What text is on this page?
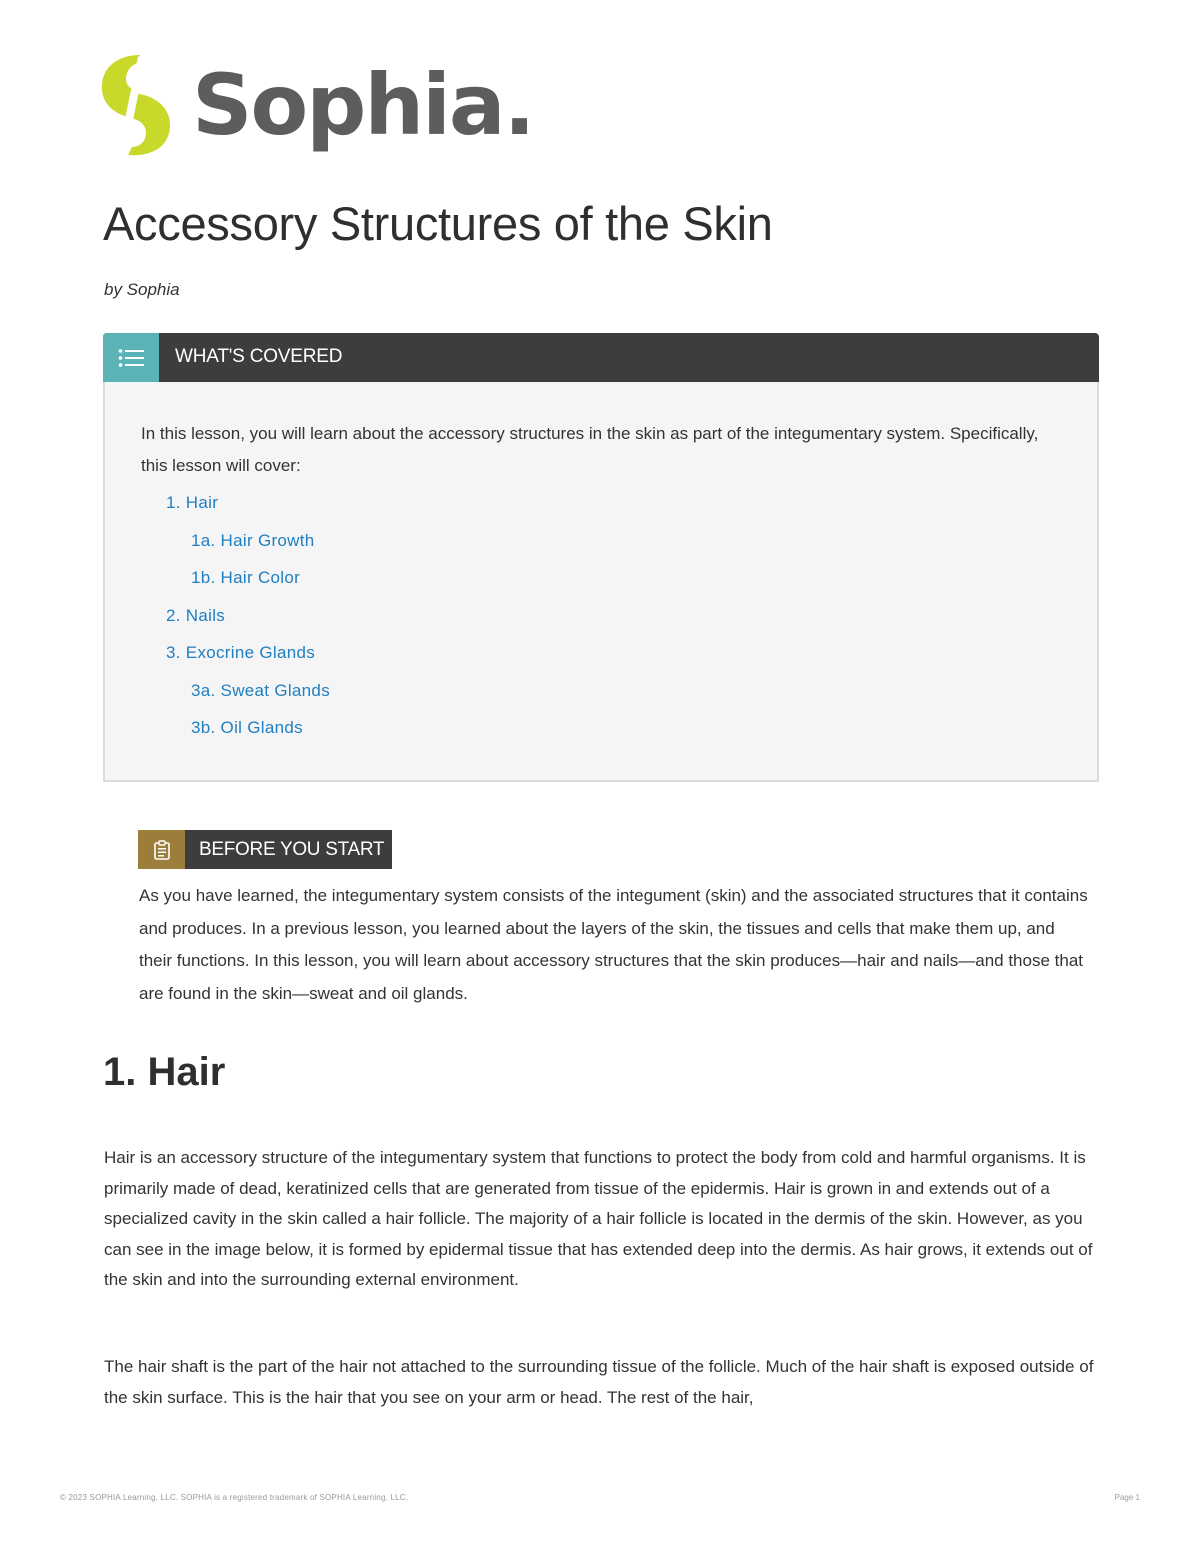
Sophia.
Accessory Structures of the Skin
by Sophia
WHAT'S COVERED

In this lesson, you will learn about the accessory structures in the skin as part of the integumentary system. Specifically, this lesson will cover:

1. Hair
1a. Hair Growth
1b. Hair Color
2. Nails
3. Exocrine Glands
3a. Sweat Glands
3b. Oil Glands
BEFORE YOU START

As you have learned, the integumentary system consists of the integument (skin) and the associated structures that it contains and produces. In a previous lesson, you learned about the layers of the skin, the tissues and cells that make them up, and their functions. In this lesson, you will learn about accessory structures that the skin produces—hair and nails—and those that are found in the skin—sweat and oil glands.

1. Hair

Hair is an accessory structure of the integumentary system that functions to protect the body from cold and harmful organisms. It is primarily made of dead, keratinized cells that are generated from tissue of the epidermis. Hair is grown in and extends out of a specialized cavity in the skin called a hair follicle. The majority of a hair follicle is located in the dermis of the skin. However, as you can see in the image below, it is formed by epidermal tissue that has extended deep into the dermis. As hair grows, it extends out of the skin and into the surrounding external environment.

The hair shaft is the part of the hair not attached to the surrounding tissue of the follicle. Much of the hair shaft is exposed outside of the skin surface. This is the hair that you see on your arm or head. The rest of the hair,

© 2023 SOPHIA Learning, LLC. SOPHIA is a registered trademark of SOPHIA Learning, LLC.	Page 1
